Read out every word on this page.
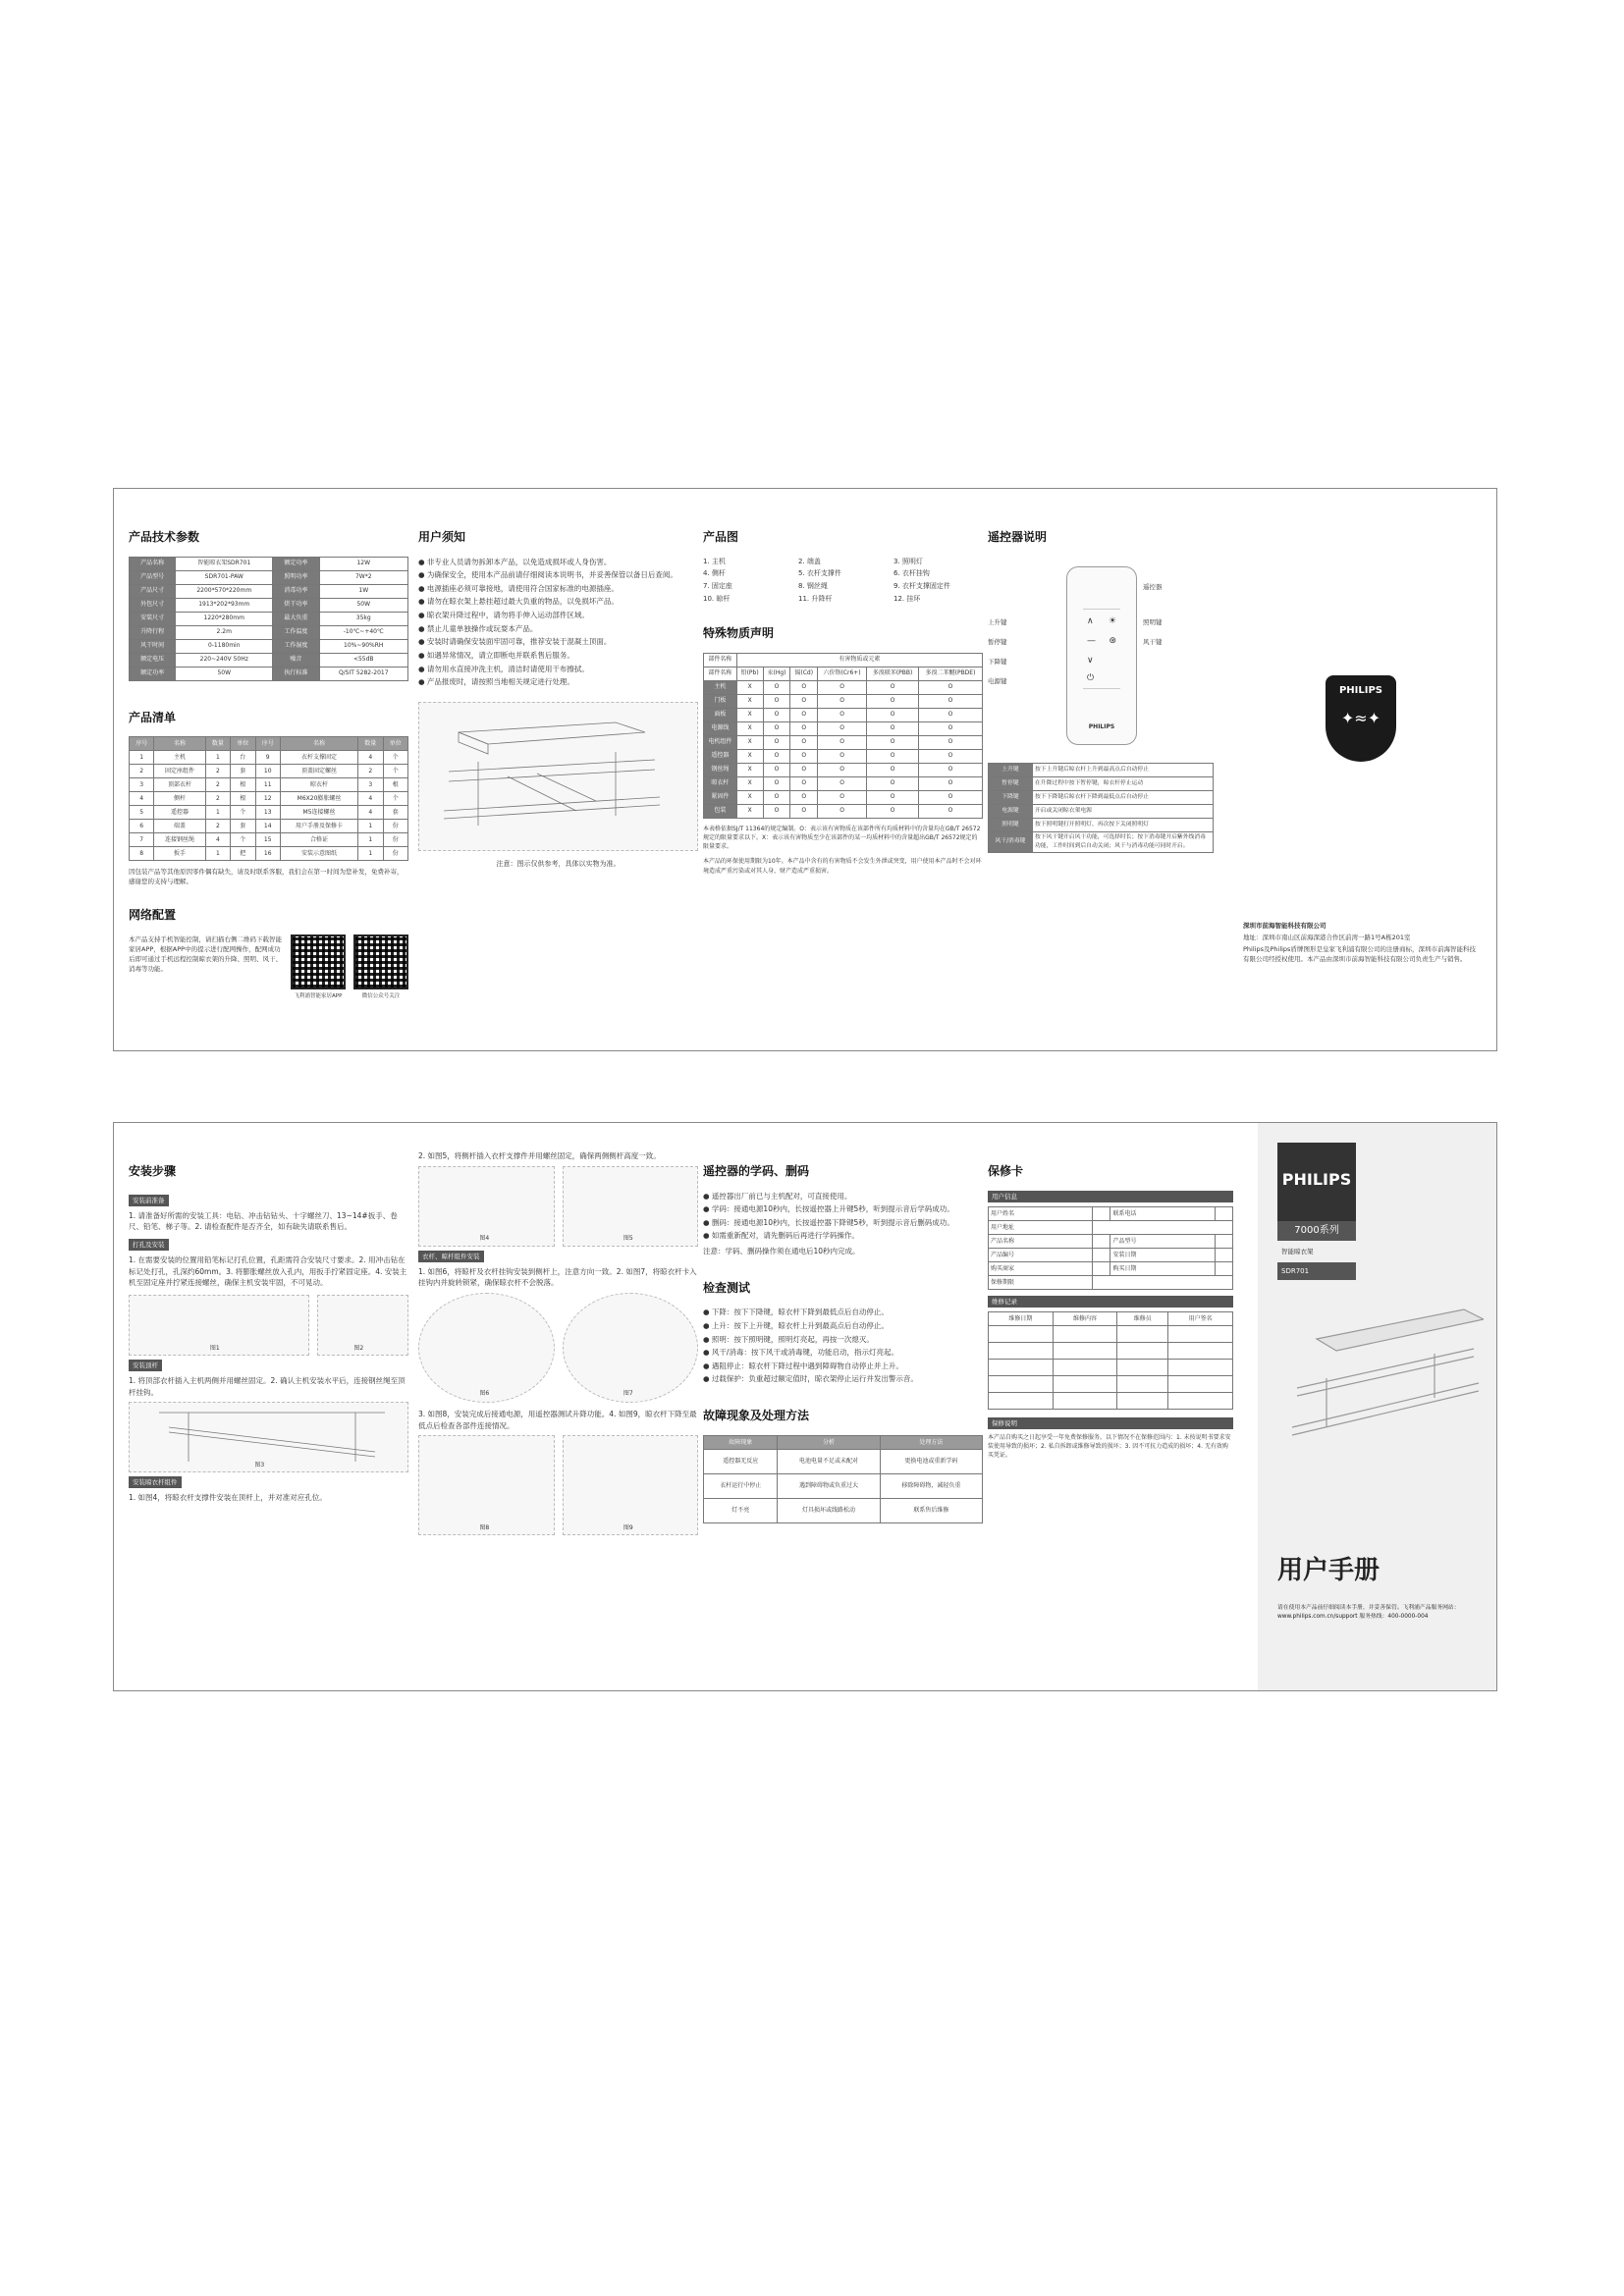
产品技术参数
产品名称	智能晾衣架SDR701	额定功率	12W
产品型号	SDR701-PAW	照明功率	7W*2
产品尺寸	2200*570*220mm	消毒功率	1W
外包尺寸	1913*202*93mm	烘干功率	50W
安装尺寸	1220*280mm	最大负重	35kg
升降行程	2.2m	工作温度	-10℃~+40℃
风干时间	0-1180min	工作湿度	10%~90%RH
额定电压	220~240V 50Hz	噪音	<55dB
额定功率	50W	执行标准	Q/SIT 5282-2017
产品清单
序号	名称	数量	单位	序号	名称	数量	单位
1	主机	1	台	9	衣杆支撑固定	4	个
2	固定座组件	2	套	10	顶盖固定螺丝	2	个
3	顶部衣杆	2	根	11	晾衣杆	3	根
4	侧杆	2	根	12	M6X20膨胀螺丝	4	个
5	遥控器	1	个	13	M5连接螺丝	4	套
6	端盖	2	套	14	用户手册及保修卡	1	份
7	连接钢丝绳	4	个	15	合格证	1	份
8	扳手	1	把	16	安装示意图纸	1	份

因包装产品等其他原因零件偶有缺失，请及时联系客服，我们会在第一时间为您补发，免费补寄，感谢您的支持与理解。

网络配置

本产品支持手机智能控制，请扫描右侧二维码下载智能家居APP，根据APP中的提示进行配网操作，配网成功后即可通过手机远程控制晾衣架的升降、照明、风干、消毒等功能。

飞利浦智能家居APP	微信公众号关注
用户须知

● 非专业人员请勿拆卸本产品，以免造成损坏或人身伤害。

● 为确保安全，使用本产品前请仔细阅读本说明书，并妥善保管以备日后查阅。

● 电源插座必须可靠接地，请使用符合国家标准的电源插座。

● 请勿在晾衣架上悬挂超过最大负重的物品，以免损坏产品。

● 晾衣架升降过程中，请勿将手伸入运动部件区域。

● 禁止儿童单独操作或玩耍本产品。

● 安装时请确保安装面牢固可靠，推荐安装于混凝土顶面。

● 如遇异常情况，请立即断电并联系售后服务。

● 请勿用水直接冲洗主机，清洁时请使用干布擦拭。

● 产品报废时，请按照当地相关规定进行处理。

注意：图示仅供参考，具体以实物为准。

产品图
1. 主机	2. 端盖	3. 照明灯
4. 侧杆	5. 衣杆支撑件	6. 衣杆挂钩
7. 固定座	8. 钢丝绳	9. 衣杆支撑固定件
10. 晾杆	11. 升降杆	12. 挂环
特殊物质声明
部件名称	有害物质或元素					
部件名称	铅(Pb)	汞(Hg)	镉(Cd)	六价铬(Cr6+)	多溴联苯(PBB)	多溴二苯醚(PBDE)
主机	X	O	O	O	O	O
门板	X	O	O	O	O	O
面板	X	O	O	O	O	O
电源线	X	O	O	O	O	O
电机组件	X	O	O	O	O	O
遥控器	X	O	O	O	O	O
钢丝绳	X	O	O	O	O	O
晾衣杆	X	O	O	O	O	O
紧固件	X	O	O	O	O	O
包装	X	O	O	O	O	O

本表格依据SJ/T 11364的规定编制。O：表示该有害物质在该部件所有均质材料中的含量均在GB/T 26572规定的限量要求以下。X：表示该有害物质至少在该部件的某一均质材料中的含量超出GB/T 26572规定的限量要求。

本产品的环保使用期限为10年。本产品中含有的有害物质不会发生外泄或突变，用户使用本产品时不会对环境造成严重污染或对其人身、财产造成严重损害。

遥控器说明
∧ ☀
— ⊛
∨
⏻
PHILIPS
上升键
暂停键
下降键
电源键
照明键
风干键
遥控器
上升键	按下上升键后晾衣杆上升到最高点后自动停止
暂停键	在升降过程中按下暂停键，晾衣杆停止运动
下降键	按下下降键后晾衣杆下降到最低点后自动停止
电源键	开启或关闭晾衣架电源
照明键	按下照明键打开照明灯，再次按下关闭照明灯
风干/消毒键	按下风干键开启风干功能，可选择时长；按下消毒键开启紫外线消毒功能，工作时间到后自动关闭；风干与消毒功能可同时开启。
PHILIPS
✦≈✦

深圳市前海智能科技有限公司

地址：深圳市南山区前海深港合作区前湾一路1号A栋201室

Philips及Philips盾牌图形是皇家飞利浦有限公司的注册商标，深圳市前海智能科技有限公司经授权使用。本产品由深圳市前海智能科技有限公司负责生产与销售。

安装步骤
安装前准备

1. 请准备好所需的安装工具：电钻、冲击钻钻头、十字螺丝刀、13~14#扳手、卷尺、铅笔、梯子等。2. 请检查配件是否齐全，如有缺失请联系售后。

打孔及安装

1. 在需要安装的位置用铅笔标记打孔位置，孔距需符合安装尺寸要求。2. 用冲击钻在标记处打孔，孔深约60mm。3. 将膨胀螺丝放入孔内，用扳手拧紧固定座。4. 安装主机至固定座并拧紧连接螺丝，确保主机安装牢固，不可晃动。

图1	图2
安装顶杆

1. 将顶部衣杆插入主机两侧并用螺丝固定。2. 确认主机安装水平后，连接钢丝绳至顶杆挂钩。

图3
安装晾衣杆组件

1. 如图4，将晾衣杆支撑件安装在顶杆上，并对准对应孔位。

2. 如图5，将侧杆插入衣杆支撑件并用螺丝固定，确保两侧侧杆高度一致。

图4	图5
衣杆、晾杆组件安装

1. 如图6，将晾杆及衣杆挂钩安装到侧杆上，注意方向一致。2. 如图7，将晾衣杆卡入挂钩内并旋转锁紧，确保晾衣杆不会脱落。

图6	图7

3. 如图8，安装完成后接通电源，用遥控器测试升降功能。4. 如图9，晾衣杆下降至最低点后检查各部件连接情况。

图8	图9
遥控器的学码、删码

● 遥控器出厂前已与主机配对，可直接使用。

● 学码：接通电源10秒内，长按遥控器上升键5秒，听到提示音后学码成功。

● 删码：接通电源10秒内，长按遥控器下降键5秒，听到提示音后删码成功。

● 如需重新配对，请先删码后再进行学码操作。

注意：学码、删码操作须在通电后10秒内完成。

检查测试

● 下降：按下下降键，晾衣杆下降到最低点后自动停止。

● 上升：按下上升键，晾衣杆上升到最高点后自动停止。

● 照明：按下照明键，照明灯亮起，再按一次熄灭。

● 风干/消毒：按下风干或消毒键，功能启动，指示灯亮起。

● 遇阻停止：晾衣杆下降过程中遇到障碍物自动停止并上升。

● 过载保护：负重超过额定值时，晾衣架停止运行并发出警示音。

故障现象及处理方法
故障现象	分析	处理方法
遥控器无反应	电池电量不足或未配对	更换电池或重新学码
衣杆运行中停止	遇到障碍物或负重过大	移除障碍物，减轻负重
灯不亮	灯具损坏或线路松动	联系售后维修
保修卡
用户信息
用户姓名		联系电话	
用户地址			
产品名称		产品型号	
产品编号		安装日期	
购买商家		购买日期	
保修期限			
维修记录
维修日期	维修内容	维修员	用户签名

保修说明

本产品自购买之日起享受一年免费保修服务。以下情况不在保修范围内：1. 未按说明书要求安装使用导致的损坏；2. 私自拆卸或维修导致的损坏；3. 因不可抗力造成的损坏；4. 无有效购买凭证。

PHILIPS
7000系列
智能晾衣架
SDR701
用户手册
请在使用本产品前仔细阅读本手册，并妥善保管。飞利浦产品服务网站：www.philips.com.cn/support 服务热线：400-0000-004
